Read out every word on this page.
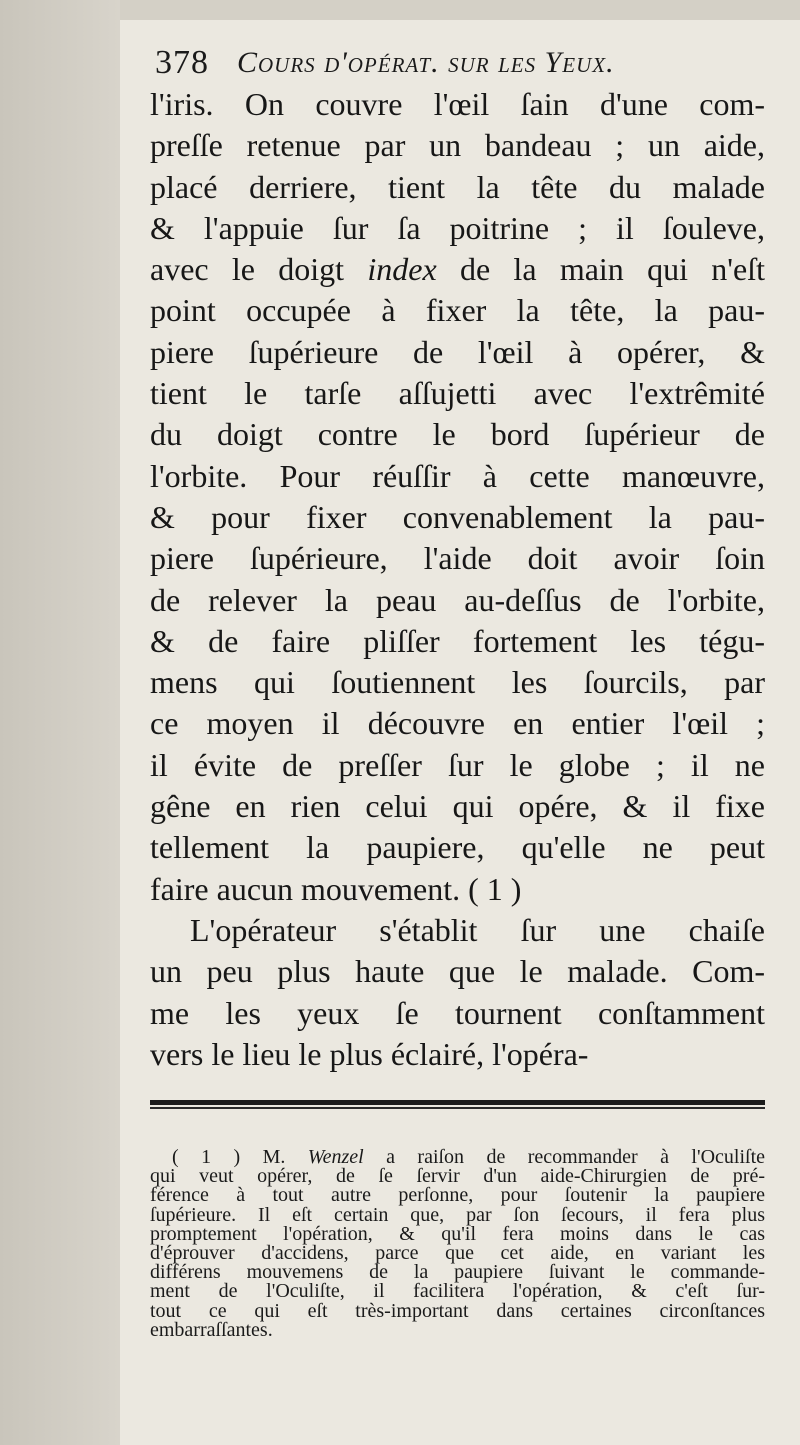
378 Cours d'opérat. sur les Yeux.
l'iris. On couvre l'œil ſain d'une com-
preſſe retenue par un bandeau ; un aide,
placé derriere, tient la tête du malade
& l'appuie ſur ſa poitrine ; il ſouleve,
avec le doigt index de la main qui n'eſt
point occupée à fixer la tête, la pau-
piere ſupérieure de l'œil à opérer, &
tient le tarſe aſſujetti avec l'extrêmité
du doigt contre le bord ſupérieur de
l'orbite. Pour réuſſir à cette manœuvre,
& pour fixer convenablement la pau-
piere ſupérieure, l'aide doit avoir ſoin
de relever la peau au-deſſus de l'orbite,
& de faire pliſſer fortement les tégu-
mens qui ſoutiennent les ſourcils, par
ce moyen il découvre en entier l'œil ;
il évite de preſſer ſur le globe ; il ne
gêne en rien celui qui opére, & il fixe
tellement la paupiere, qu'elle ne peut
faire aucun mouvement. ( 1 )
L'opérateur s'établit ſur une chaiſe
un peu plus haute que le malade. Com-
me les yeux ſe tournent conſtamment
vers le lieu le plus éclairé, l'opéra-
( 1 ) M. Wenzel a raiſon de recommander à l'Oculiſte
qui veut opérer, de ſe ſervir d'un aide-Chirurgien de pré-
férence à tout autre perſonne, pour ſoutenir la paupiere
ſupérieure. Il eſt certain que, par ſon ſecours, il fera plus
promptement l'opération, & qu'il fera moins dans le cas
d'éprouver d'accidens, parce que cet aide, en variant les
différens mouvemens de la paupiere ſuivant le commande-
ment de l'Oculiſte, il facilitera l'opération, & c'eſt ſur-
tout ce qui eſt très-important dans certaines circonſtances
embarraſſantes.
